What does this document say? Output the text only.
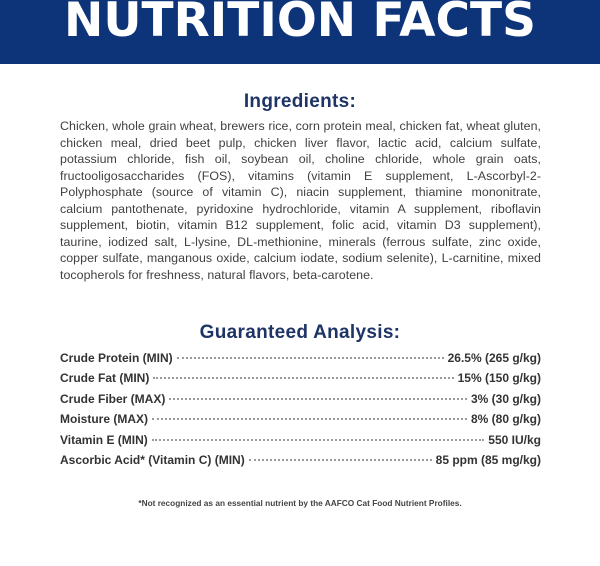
NUTRITION FACTS
Ingredients:
Chicken, whole grain wheat, brewers rice, corn protein meal, chicken fat, wheat gluten, chicken meal, dried beet pulp, chicken liver flavor, lactic acid, calcium sulfate, potassium chloride, fish oil, soybean oil, choline chloride, whole grain oats, fructooligosaccharides (FOS), vitamins (vitamin E supplement, L-Ascorbyl-2-Polyphosphate (source of vitamin C), niacin supplement, thiamine mononitrate, calcium pantothenate, pyridoxine hydrochloride, vitamin A supplement, riboflavin supplement, biotin, vitamin B12 supplement, folic acid, vitamin D3 supplement), taurine, iodized salt, L-lysine, DL-methionine, minerals (ferrous sulfate, zinc oxide, copper sulfate, manganous oxide, calcium iodate, sodium selenite), L-carnitine, mixed tocopherols for freshness, natural flavors, beta-carotene.
Guaranteed Analysis:
Crude Protein (MIN)	26.5% (265 g/kg)
Crude Fat (MIN)	15% (150 g/kg)
Crude Fiber (MAX)	3% (30 g/kg)
Moisture (MAX)	8% (80 g/kg)
Vitamin E (MIN)	550 IU/kg
Ascorbic Acid* (Vitamin C) (MIN)	85 ppm (85 mg/kg)
*Not recognized as an essential nutrient by the AAFCO Cat Food Nutrient Profiles.
